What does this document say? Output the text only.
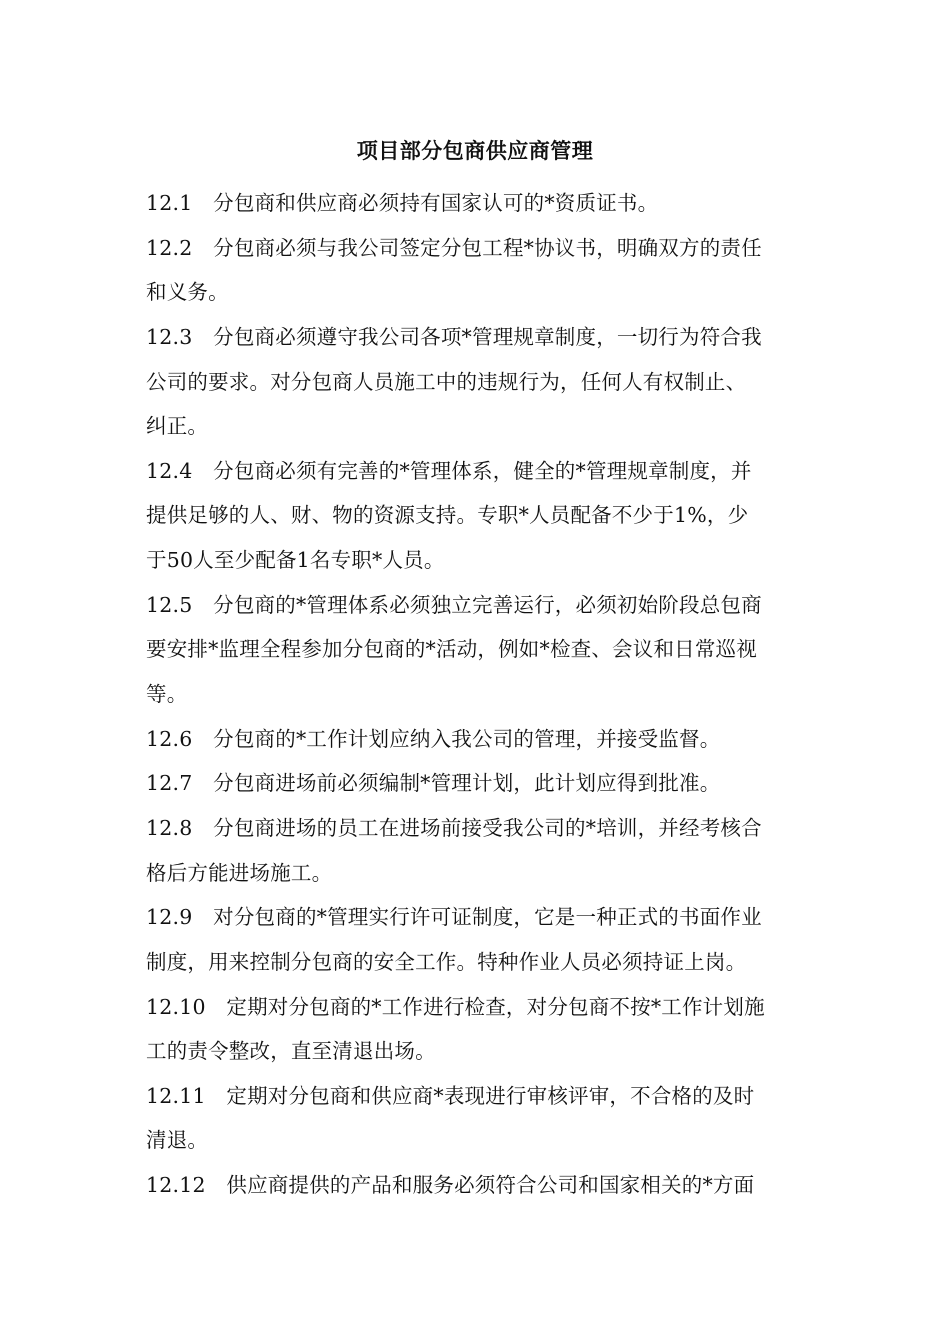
项目部分包商供应商管理
12.1　分包商和供应商必须持有国家认可的*资质证书。
12.2　分包商必须与我公司签定分包工程*协议书，明确双方的责任
和义务。
12.3　分包商必须遵守我公司各项*管理规章制度，一切行为符合我
公司的要求。对分包商人员施工中的违规行为，任何人有权制止、
纠正。
12.4　分包商必须有完善的*管理体系，健全的*管理规章制度，并
提供足够的人、财、物的资源支持。专职*人员配备不少于1%，少
于50人至少配备1名专职*人员。
12.5　分包商的*管理体系必须独立完善运行，必须初始阶段总包商
要安排*监理全程参加分包商的*活动，例如*检查、会议和日常巡视
等。
12.6　分包商的*工作计划应纳入我公司的管理，并接受监督。
12.7　分包商进场前必须编制*管理计划，此计划应得到批准。
12.8　分包商进场的员工在进场前接受我公司的*培训，并经考核合
格后方能进场施工。
12.9　对分包商的*管理实行许可证制度，它是一种正式的书面作业
制度，用来控制分包商的安全工作。特种作业人员必须持证上岗。
12.10　定期对分包商的*工作进行检查，对分包商不按*工作计划施
工的责令整改，直至清退出场。
12.11　定期对分包商和供应商*表现进行审核评审，不合格的及时
清退。
12.12　供应商提供的产品和服务必须符合公司和国家相关的*方面
